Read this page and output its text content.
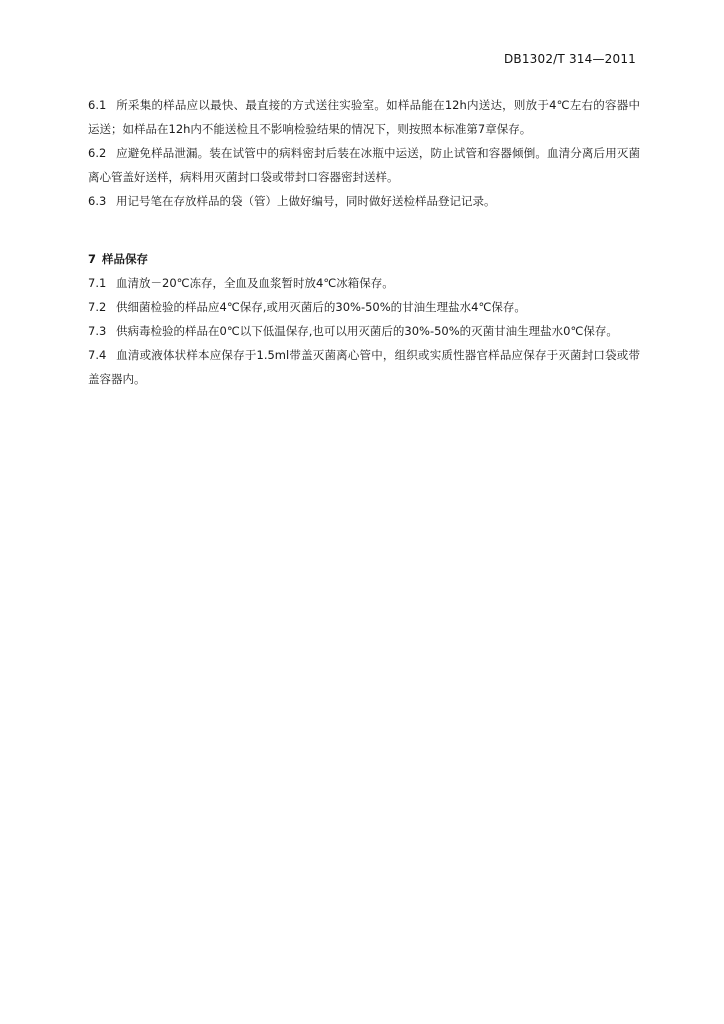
DB1302/T 314—2011

6.1 所采集的样品应以最快、最直接的方式送往实验室。如样品能在12h内送达，则放于4℃左右的容器中运送；如样品在12h内不能送检且不影响检验结果的情况下，则按照本标准第7章保存。

6.2 应避免样品泄漏。装在试管中的病料密封后装在冰瓶中运送，防止试管和容器倾倒。血清分离后用灭菌离心管盖好送样，病料用灭菌封口袋或带封口容器密封送样。

6.3 用记号笔在存放样品的袋（管）上做好编号，同时做好送检样品登记记录。

7 样品保存

7.1 血清放－20℃冻存，全血及血浆暂时放4℃冰箱保存。

7.2 供细菌检验的样品应4℃保存,或用灭菌后的30%-50%的甘油生理盐水4℃保存。

7.3 供病毒检验的样品在0℃以下低温保存,也可以用灭菌后的30%-50%的灭菌甘油生理盐水0℃保存。

7.4 血清或液体状样本应保存于1.5ml带盖灭菌离心管中，组织或实质性器官样品应保存于灭菌封口袋或带盖容器内。
